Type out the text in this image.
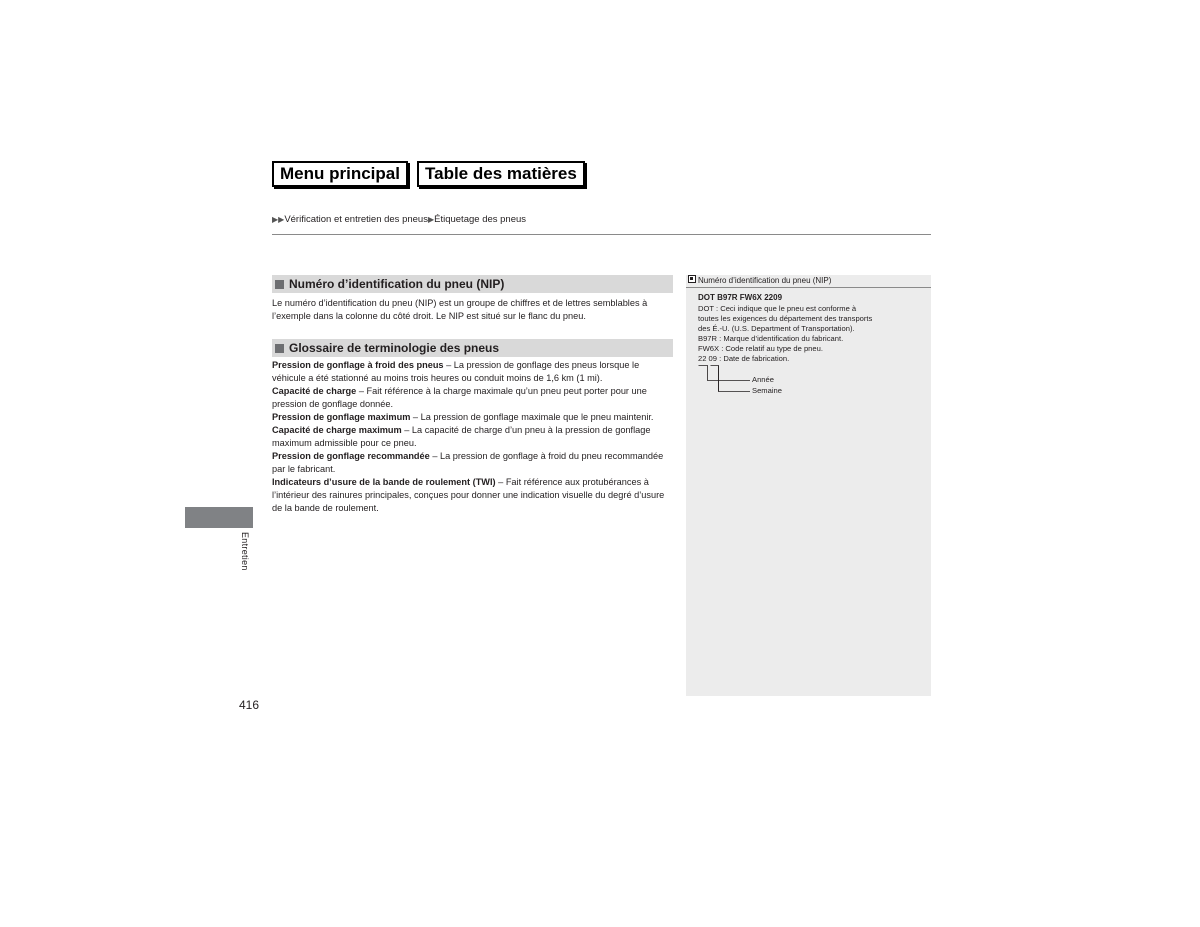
Menu principal	Table des matières
▶▶Vérification et entretien des pneus▶Étiquetage des pneus
Numéro d’identification du pneu (NIP)
Le numéro d’identification du pneu (NIP) est un groupe de chiffres et de lettres semblables à l’exemple dans la colonne du côté droit. Le NIP est situé sur le flanc du pneu.
Glossaire de terminologie des pneus
Pression de gonflage à froid des pneus – La pression de gonflage des pneus lorsque le véhicule a été stationné au moins trois heures ou conduit moins de 1,6 km (1 mi).
Capacité de charge – Fait référence à la charge maximale qu’un pneu peut porter pour une pression de gonflage donnée.
Pression de gonflage maximum – La pression de gonflage maximale que le pneu maintenir.
Capacité de charge maximum – La capacité de charge d’un pneu à la pression de gonflage maximum admissible pour ce pneu.
Pression de gonflage recommandée – La pression de gonflage à froid du pneu recommandée par le fabricant.
Indicateurs d’usure de la bande de roulement (TWI) – Fait référence aux protubérances à l’intérieur des rainures principales, conçues pour donner une indication visuelle du degré d’usure de la bande de roulement.
Entretien
416
Numéro d’identification du pneu (NIP)
DOT B97R FW6X 2209
DOT : Ceci indique que le pneu est conforme à
toutes les exigences du département des transports
des É.-U. (U.S. Department of Transportation).
B97R : Marque d’identification du fabricant.
FW6X : Code relatif au type de pneu.
22 09 : Date de fabrication.
Année
Semaine
